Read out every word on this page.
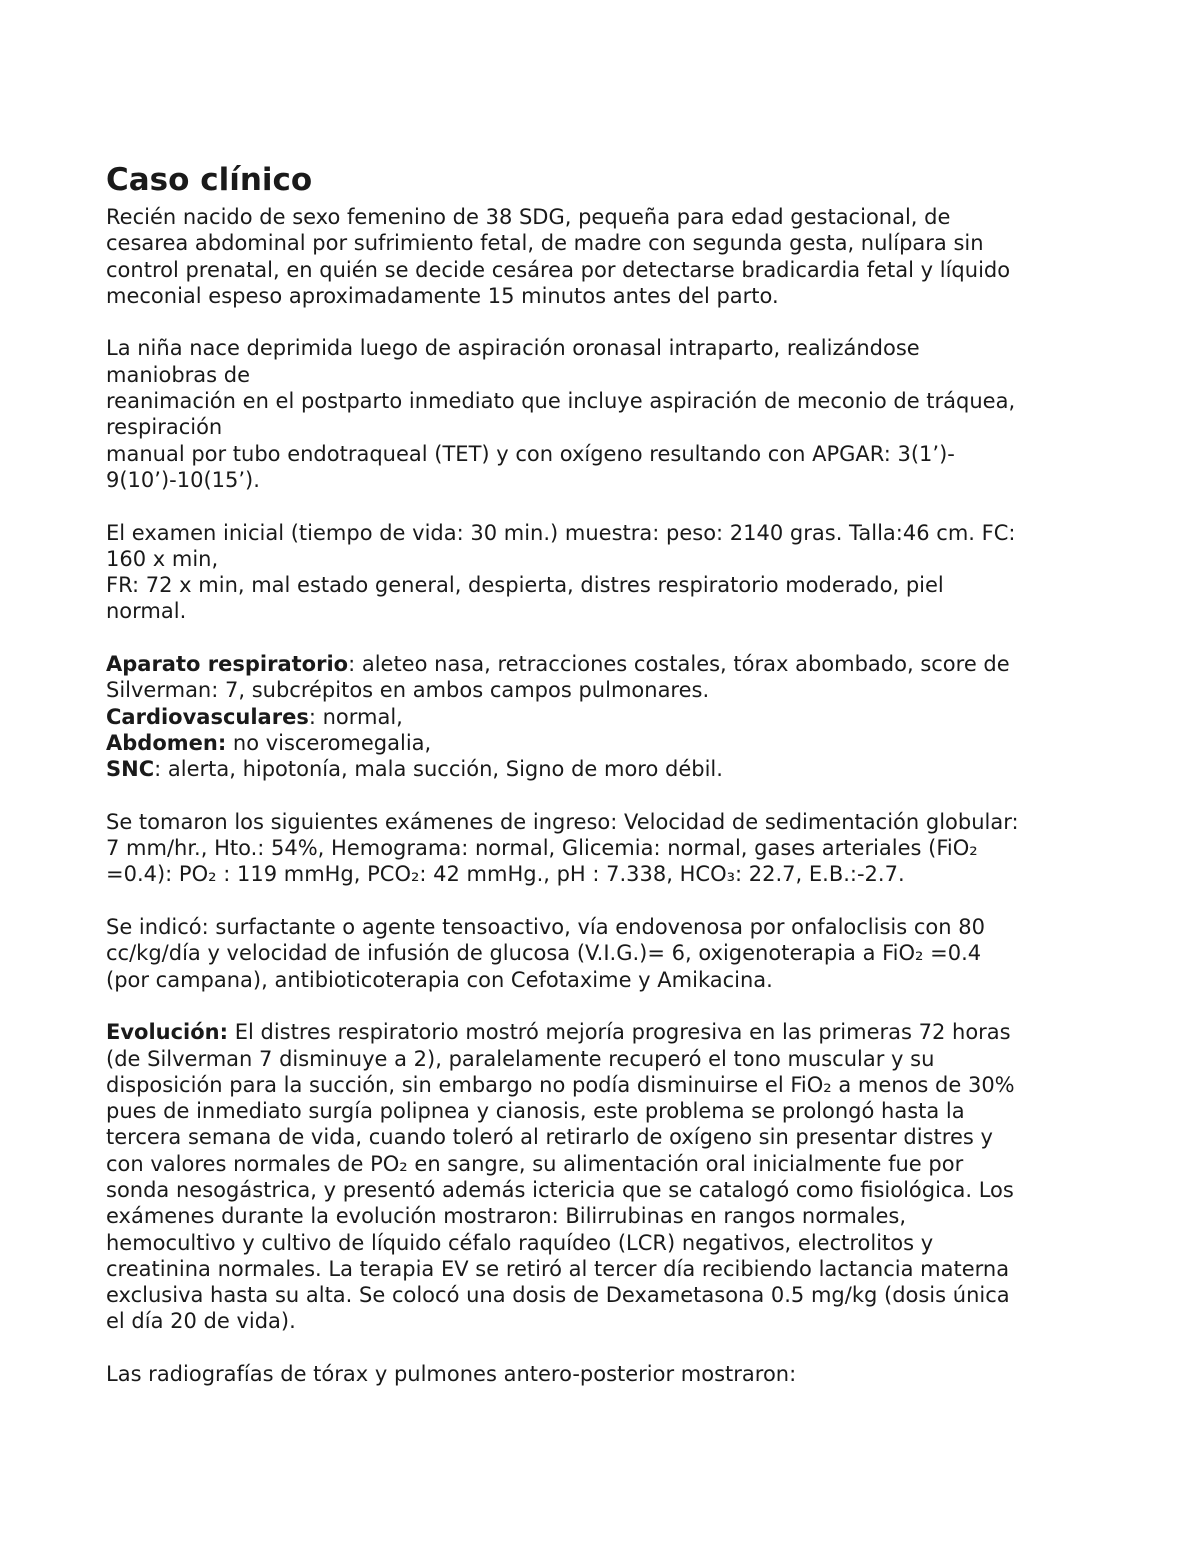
Caso clínico

Recién nacido de sexo femenino de 38 SDG, pequeña para edad gestacional, de
cesarea abdominal por sufrimiento fetal, de madre con segunda gesta, nulípara sin
control prenatal, en quién se decide cesárea por detectarse bradicardia fetal y líquido
meconial espeso aproximadamente 15 minutos antes del parto.

La niña nace deprimida luego de aspiración oronasal intraparto, realizándose
maniobras de
reanimación en el postparto inmediato que incluye aspiración de meconio de tráquea,
respiración
manual por tubo endotraqueal (TET) y con oxígeno resultando con APGAR: 3(1’)-
9(10’)-10(15’).

El examen inicial (tiempo de vida: 30 min.) muestra: peso: 2140 gras. Talla:46 cm. FC:
160 x min,
FR: 72 x min, mal estado general, despierta, distres respiratorio moderado, piel
normal.

Aparato respiratorio: aleteo nasa, retracciones costales, tórax abombado, score de
Silverman: 7, subcrépitos en ambos campos pulmonares.
Cardiovasculares: normal,
Abdomen: no visceromegalia,
SNC: alerta, hipotonía, mala succión, Signo de moro débil.

Se tomaron los siguientes exámenes de ingreso: Velocidad de sedimentación globular:
7 mm/hr., Hto.: 54%, Hemograma: normal, Glicemia: normal, gases arteriales (FiO₂
=0.4): PO₂ : 119 mmHg, PCO₂: 42 mmHg., pH : 7.338, HCO₃: 22.7, E.B.:-2.7.

Se indicó: surfactante o agente tensoactivo, vía endovenosa por onfaloclisis con 80
cc/kg/día y velocidad de infusión de glucosa (V.I.G.)= 6, oxigenoterapia a FiO₂ =0.4
(por campana), antibioticoterapia con Cefotaxime y Amikacina.

Evolución: El distres respiratorio mostró mejoría progresiva en las primeras 72 horas
(de Silverman 7 disminuye a 2), paralelamente recuperó el tono muscular y su
disposición para la succión, sin embargo no podía disminuirse el FiO₂ a menos de 30%
pues de inmediato surgía polipnea y cianosis, este problema se prolongó hasta la
tercera semana de vida, cuando toleró al retirarlo de oxígeno sin presentar distres y
con valores normales de PO₂ en sangre, su alimentación oral inicialmente fue por
sonda nesogástrica, y presentó además ictericia que se catalogó como fisiológica. Los
exámenes durante la evolución mostraron: Bilirrubinas en rangos normales,
hemocultivo y cultivo de líquido céfalo raquídeo (LCR) negativos, electrolitos y
creatinina normales. La terapia EV se retiró al tercer día recibiendo lactancia materna
exclusiva hasta su alta. Se colocó una dosis de Dexametasona 0.5 mg/kg (dosis única
el día 20 de vida).

Las radiografías de tórax y pulmones antero-posterior mostraron:
